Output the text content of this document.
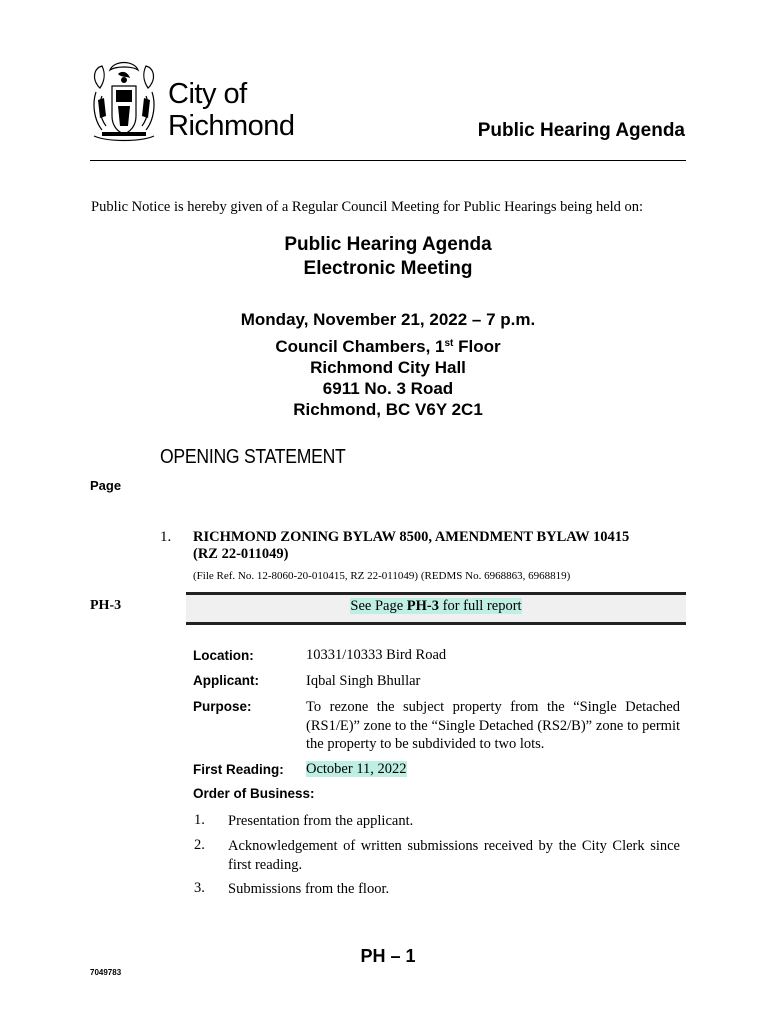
City of
Richmond	Public Hearing Agenda
Public Notice is hereby given of a Regular Council Meeting for Public Hearings being held on:
Public Hearing Agenda
Electronic Meeting
Monday, November 21, 2022 – 7 p.m.
Council Chambers, 1st Floor
Richmond City Hall
6911 No. 3 Road
Richmond, BC V6Y 2C1
OPENING STATEMENT
Page
1. RICHMOND ZONING BYLAW 8500, AMENDMENT BYLAW 10415
(RZ 22-011049)
(File Ref. No. 12-8060-20-010415, RZ 22-011049) (REDMS No. 6968863, 6968819)
PH-3	See Page PH-3 for full report
Location:	10331/10333 Bird Road
Applicant:	Iqbal Singh Bhullar
Purpose:	To rezone the subject property from the “Single Detached (RS1/E)” zone to the “Single Detached (RS2/B)” zone to permit the property to be subdivided to two lots.
First Reading: October 11, 2022
Order of Business:
1. Presentation from the applicant.
2. Acknowledgement of written submissions received by the City Clerk since first reading.
3. Submissions from the floor.
PH – 1
7049783
